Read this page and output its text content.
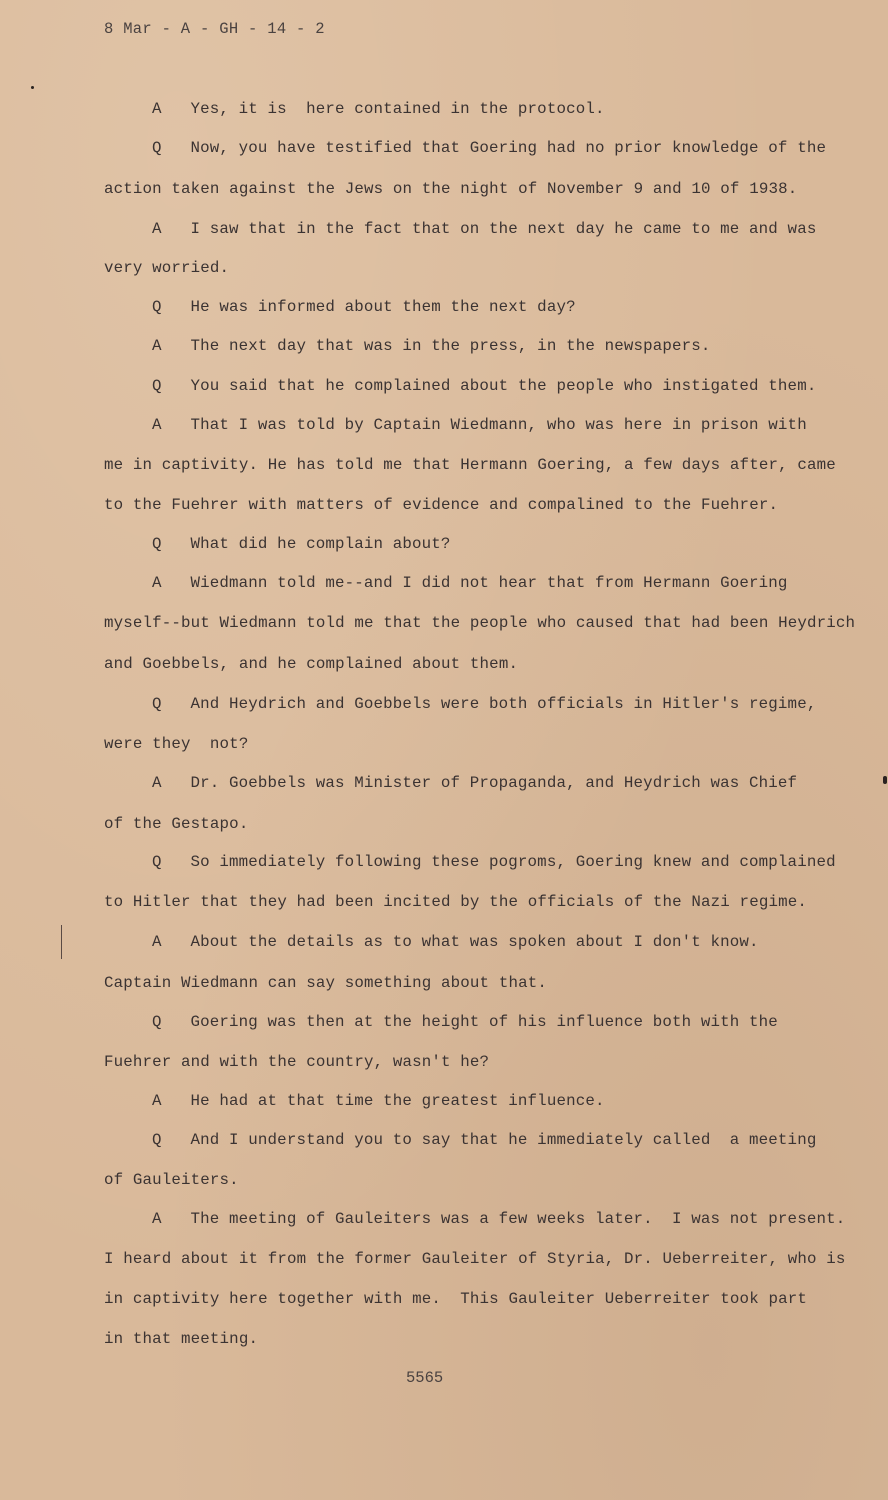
8 Mar - A - GH - 14 - 2
A   Yes, it is  here contained in the protocol.
Q   Now, you have testified that Goering had no prior knowledge of the
action taken against the Jews on the night of November 9 and 10 of 1938.
A   I saw that in the fact that on the next day he came to me and was
very worried.
Q   He was informed about them the next day?
A   The next day that was in the press, in the newspapers.
Q   You said that he complained about the people who instigated them.
A   That I was told by Captain Wiedmann, who was here in prison with
me in captivity. He has told me that Hermann Goering, a few days after, came
to the Fuehrer with matters of evidence and compalined to the Fuehrer.
Q   What did he complain about?
A   Wiedmann told me--and I did not hear that from Hermann Goering
myself--but Wiedmann told me that the people who caused that had been Heydrich
and Goebbels, and he complained about them.
Q   And Heydrich and Goebbels were both officials in Hitler's regime,
were they  not?
A   Dr. Goebbels was Minister of Propaganda, and Heydrich was Chief
of the Gestapo.
Q   So immediately following these pogroms, Goering knew and complained
to Hitler that they had been incited by the officials of the Nazi regime.
A   About the details as to what was spoken about I don't know.
Captain Wiedmann can say something about that.
Q   Goering was then at the height of his influence both with the
Fuehrer and with the country, wasn't he?
A   He had at that time the greatest influence.
Q   And I understand you to say that he immediately called  a meeting
of Gauleiters.
A   The meeting of Gauleiters was a few weeks later.  I was not present.
I heard about it from the former Gauleiter of Styria, Dr. Ueberreiter, who is
in captivity here together with me.  This Gauleiter Ueberreiter took part
in that meeting.
5565
